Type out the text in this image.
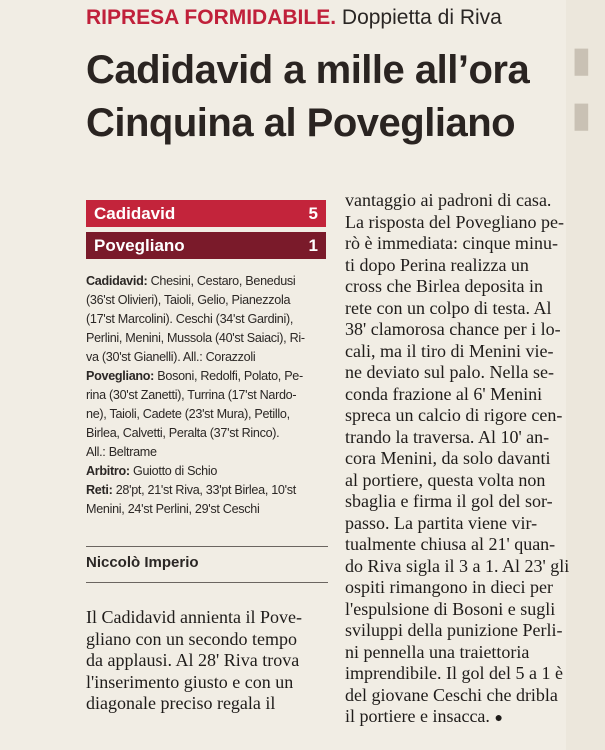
▮
▮
RIPRESA FORMIDABILE. Doppietta di Riva
Cadidavid a mille all’ora
Cinquina al Povegliano
Cadidavid	5
Povegliano	1
Cadidavid: Chesini, Cestaro, Benedusi
(36'st Olivieri), Taioli, Gelio, Pianezzola
(17'st Marcolini). Ceschi (34'st Gardini),
Perlini, Menini, Mussola (40'st Saiaci), Ri-
va (30'st Gianelli). All.: Corazzoli
Povegliano: Bosoni, Redolfi, Polato, Pe-
rina (30'st Zanetti), Turrina (17'st Nardo-
ne), Taioli, Cadete (23'st Mura), Petillo,
Birlea, Calvetti, Peralta (37'st Rinco).
All.: Beltrame
Arbitro: Guiotto di Schio
Reti: 28'pt, 21'st Riva, 33'pt Birlea, 10'st
Menini, 24'st Perlini, 29'st Ceschi
Niccolò Imperio
Il Cadidavid annienta il Pove-
gliano con un secondo tempo
da applausi. Al 28' Riva trova
l'inserimento giusto e con un
diagonale preciso regala il
vantaggio ai padroni di casa.
La risposta del Povegliano pe-
rò è immediata: cinque minu-
ti dopo Perina realizza un
cross che Birlea deposita in
rete con un colpo di testa. Al
38' clamorosa chance per i lo-
cali, ma il tiro di Menini vie-
ne deviato sul palo. Nella se-
conda frazione al 6' Menini
spreca un calcio di rigore cen-
trando la traversa. Al 10' an-
cora Menini, da solo davanti
al portiere, questa volta non
sbaglia e firma il gol del sor-
passo. La partita viene vir-
tualmente chiusa al 21' quan-
do Riva sigla il 3 a 1. Al 23' gli
ospiti rimangono in dieci per
l'espulsione di Bosoni e sugli
sviluppi della punizione Perli-
ni pennella una traiettoria
imprendibile. Il gol del 5 a 1 è
del giovane Ceschi che dribla
il portiere e insacca. ●
